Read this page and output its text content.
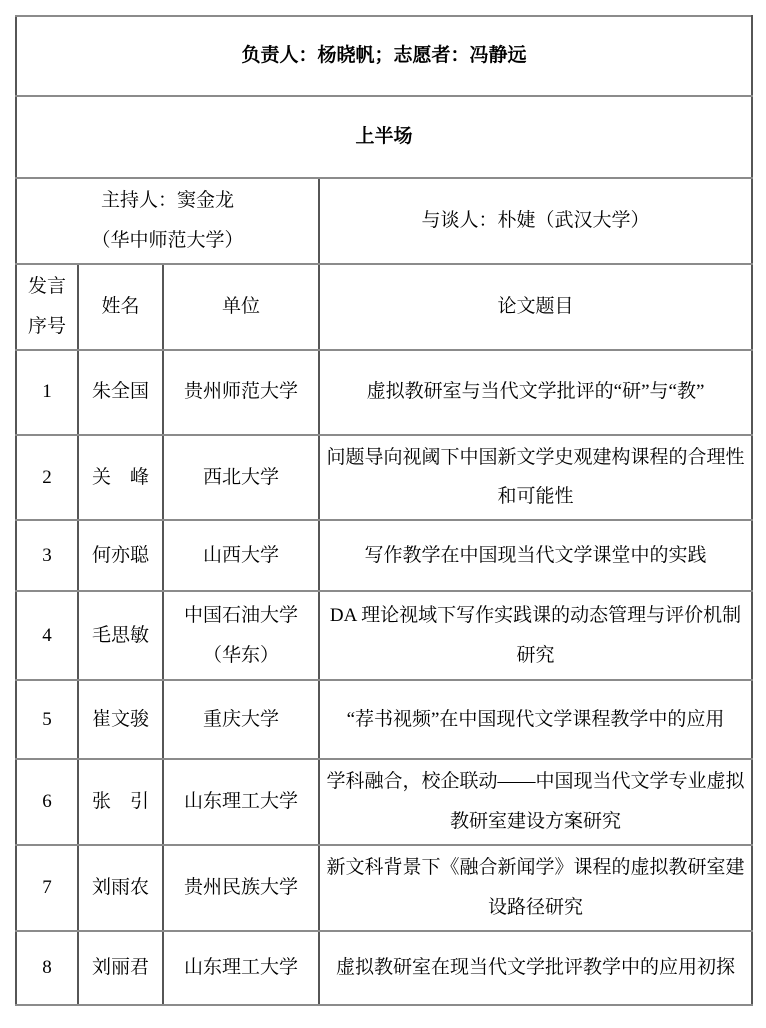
负责人：杨晓帆；志愿者：冯静远			
上半场			

主持人：窦金龙
（华中师范大学）			与谈人：朴婕（武汉大学）

发言
序号	姓名	单位	论文题目
1	朱全国	贵州师范大学	虚拟教研室与当代文学批评的“研”与“教”
2	关　峰	西北大学	问题导向视阈下中国新文学史观建构课程的合理性和可能性
3	何亦聪	山西大学	写作教学在中国现当代文学课堂中的实践
4	毛思敏	中国石油大学（华东）	DA 理论视域下写作实践课的动态管理与评价机制研究
5	崔文骏	重庆大学	“荐书视频”在中国现代文学课程教学中的应用
6	张　引	山东理工大学	学科融合，校企联动——中国现当代文学专业虚拟教研室建设方案研究
7	刘雨农	贵州民族大学	新文科背景下《融合新闻学》课程的虚拟教研室建设路径研究
8	刘丽君	山东理工大学	虚拟教研室在现当代文学批评教学中的应用初探
